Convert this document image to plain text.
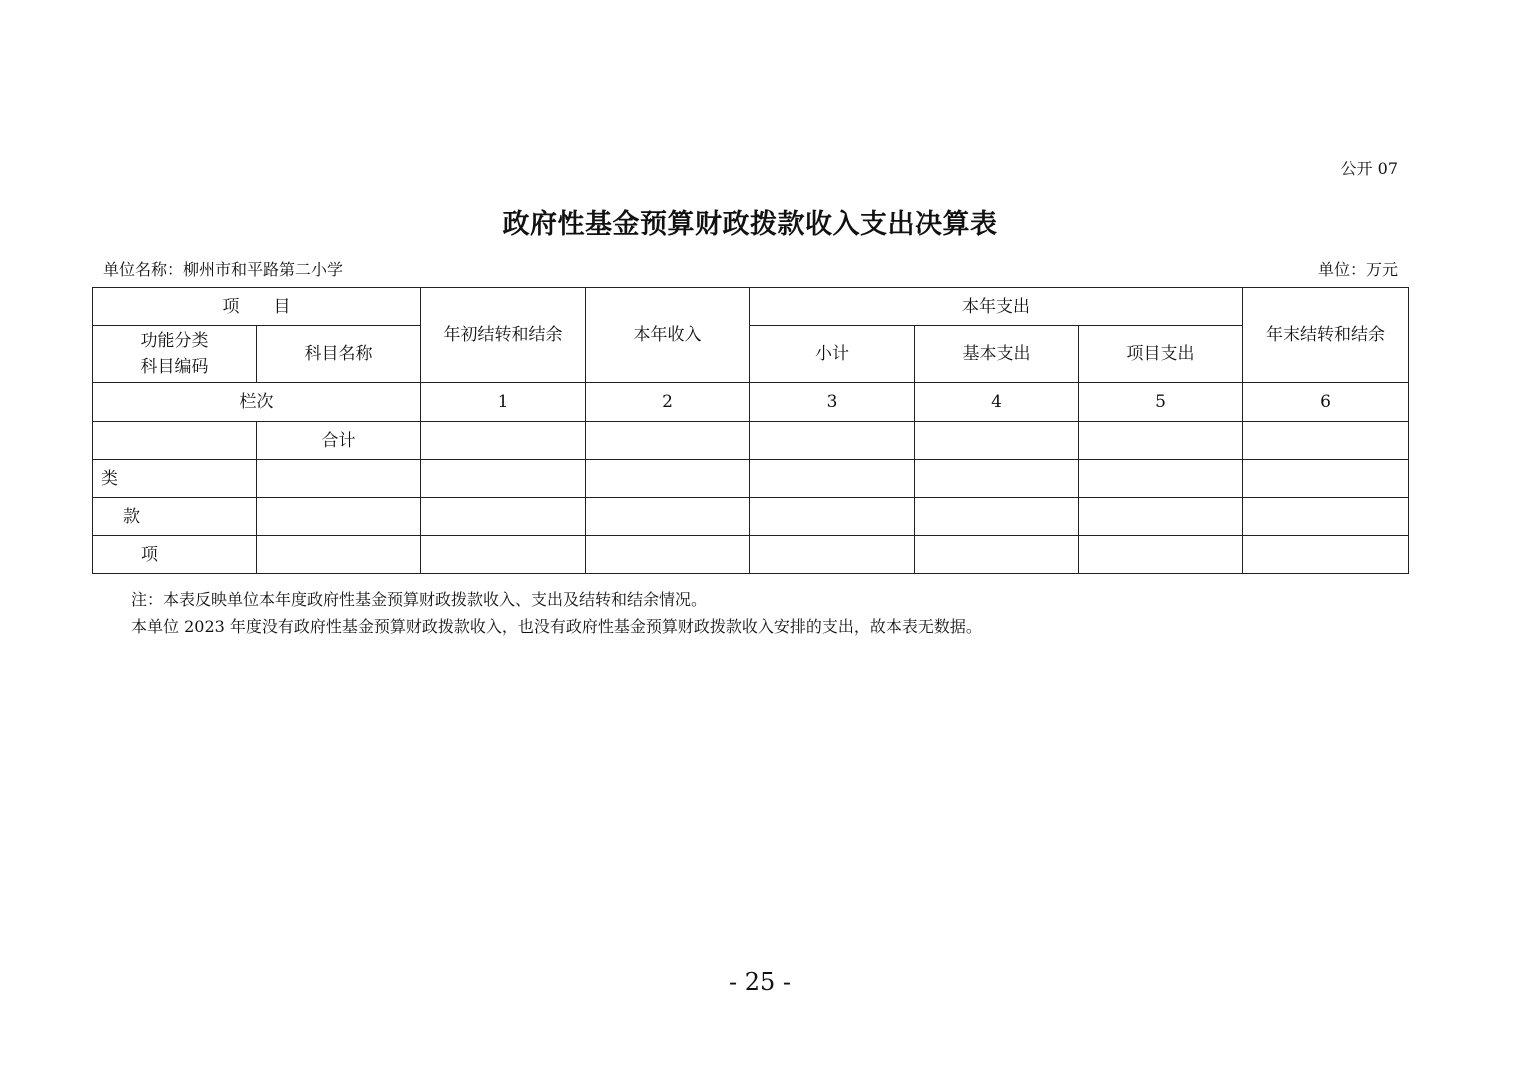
公开 07
政府性基金预算财政拨款收入支出决算表
单位名称：柳州市和平路第二小学	单位：万元
项　　目		年初结转和结余	本年收入	本年支出			年末结转和结余

功能分类
科目编码	科目名称			小计	基本支出	项目支出	
栏次		1	2	3	4	5	6
	合计						
类							
款							
项							
注：本表反映单位本年度政府性基金预算财政拨款收入、支出及结转和结余情况。
本单位 2023 年度没有政府性基金预算财政拨款收入，也没有政府性基金预算财政拨款收入安排的支出，故本表无数据。
- 25 -
